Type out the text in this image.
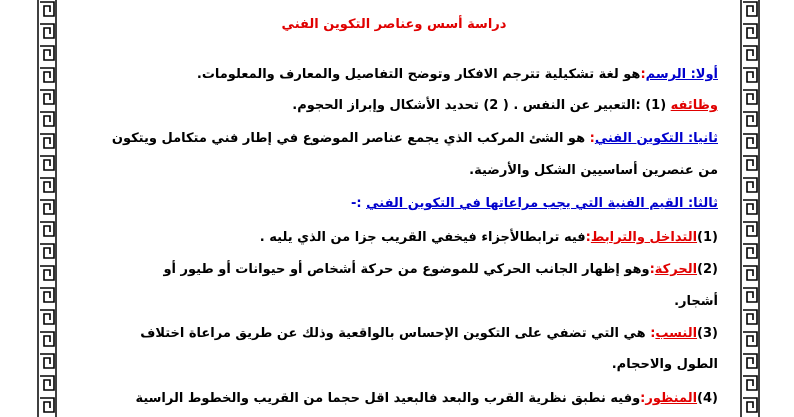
دراسة أسس وعناصر التكوين الفني
أولا: الرسم:هو لغة تشكيلية تترجم الافكار وتوضح التفاصيل والمعارف والمعلومات.
وظائفه (1) :التعبير عن النفس . ( 2) تحديد الأشكال وإبراز الحجوم.
ثانيا: التكوين الفني: هو الشئ المركب الذي يجمع عناصر الموضوع في إطار فني متكامل ويتكون
من عنصرين أساسيين الشكل والأرضية.
ثالثا: القيم الفنية التي يجب مراعاتها في التكوين الفني :-
(1)التداخل والترابط:فيه ترابطالأجزاء فيخفي القريب جزا من الذي يليه .
(2)الحركة:وهو إظهار الجانب الحركي للموضوع من حركة أشخاص أو حيوانات أو طيور أو
أشجار.
(3)النسب: هي التي تضفي على التكوين الإحساس بالواقعية وذلك عن طريق مراعاة اختلاف
الطول والاحجام.
(4)المنظور:وفيه نطبق نظرية القرب والبعد فالبعيد اقل حجما من القريب والخطوط الراسية
